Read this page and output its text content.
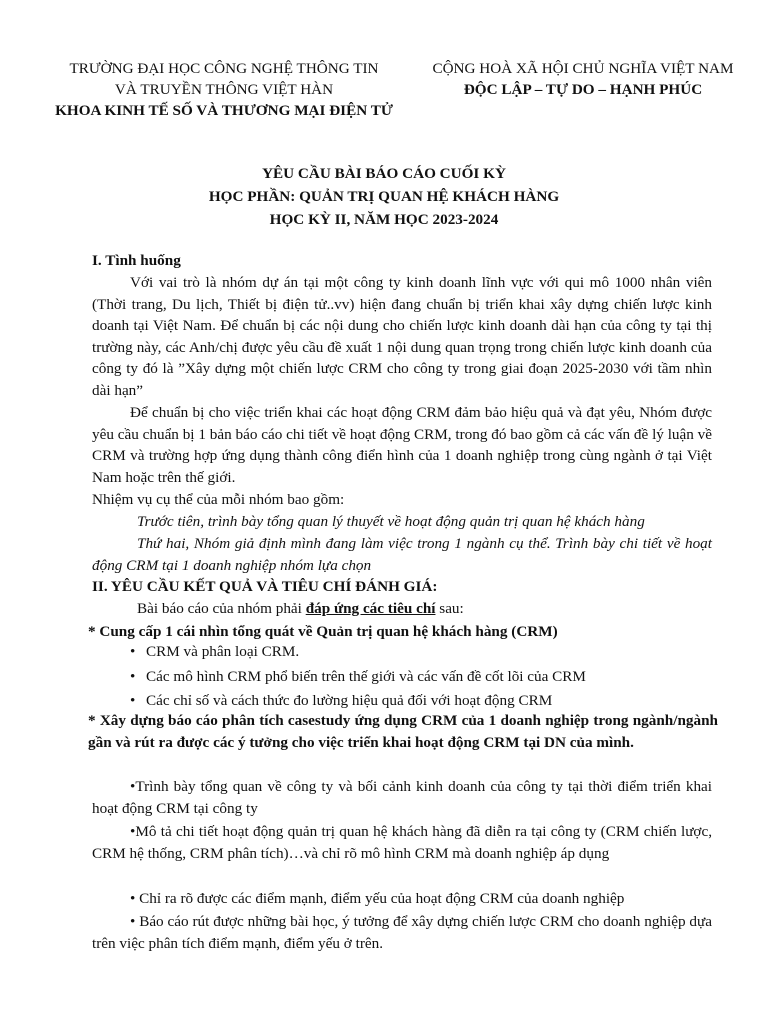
TRƯỜNG ĐẠI HỌC CÔNG NGHỆ THÔNG TIN
VÀ TRUYỀN THÔNG VIỆT HÀN
KHOA KINH TẾ SỐ VÀ THƯƠNG MẠI ĐIỆN TỬ
CỘNG HOÀ XÃ HỘI CHỦ NGHĨA VIỆT NAM
ĐỘC LẬP – TỰ DO – HẠNH PHÚC
YÊU CẦU BÀI BÁO CÁO CUỐI KỲ
HỌC PHẦN: QUẢN TRỊ QUAN HỆ KHÁCH HÀNG
HỌC KỲ II, NĂM HỌC 2023-2024

I. Tình huống

Với vai trò là nhóm dự án tại một công ty kinh doanh lĩnh vực với qui mô 1000 nhân viên (Thời trang, Du lịch, Thiết bị điện tử..vv) hiện đang chuẩn bị triển khai xây dựng chiến lược kinh doanh tại Việt Nam. Để chuẩn bị các nội dung cho chiến lược kinh doanh dài hạn của công ty tại thị trường này, các Anh/chị được yêu cầu đề xuất 1 nội dung quan trọng trong chiến lược kinh doanh của công ty đó là ”Xây dựng một chiến lược CRM cho công ty trong giai đoạn 2025-2030 với tầm nhìn dài hạn”

Để chuẩn bị cho việc triển khai các hoạt động CRM đảm bảo hiệu quả và đạt yêu, Nhóm được yêu cầu chuẩn bị 1 bản báo cáo chi tiết về hoạt động CRM, trong đó bao gồm cả các vấn đề lý luận về CRM và trường hợp ứng dụng thành công điển hình của 1 doanh nghiệp trong cùng ngành ở tại Việt Nam hoặc trên thế giới.

Nhiệm vụ cụ thể của mỗi nhóm bao gồm:

Trước tiên, trình bày tổng quan lý thuyết về hoạt động quản trị quan hệ khách hàng

Thứ hai, Nhóm giả định mình đang làm việc trong 1 ngành cụ thể. Trình bày chi tiết về hoạt động CRM tại 1 doanh nghiệp nhóm lựa chọn

II. YÊU CẦU KẾT QUẢ VÀ TIÊU CHÍ ĐÁNH GIÁ:

Bài báo cáo của nhóm phải đáp ứng các tiêu chí sau:

* Cung cấp 1 cái nhìn tổng quát về Quản trị quan hệ khách hàng (CRM)

• CRM và phân loại CRM.
• Các mô hình CRM phổ biến trên thế giới và các vấn đề cốt lõi của CRM
• Các chỉ số và cách thức đo lường hiệu quả đối với hoạt động CRM

* Xây dựng báo cáo phân tích casestudy ứng dụng CRM của 1 doanh nghiệp trong ngành/ngành gần và rút ra được các ý tưởng cho việc triển khai hoạt động CRM tại DN của mình.

•Trình bày tổng quan về công ty và bối cảnh kinh doanh của công ty tại thời điểm triển khai hoạt động CRM tại công ty

•Mô tả chi tiết hoạt động quản trị quan hệ khách hàng đã diễn ra tại công ty (CRM chiến lược, CRM hệ thống, CRM phân tích)…và chỉ rõ mô hình CRM mà doanh nghiệp áp dụng

• Chỉ ra rõ được các điểm mạnh, điểm yếu của hoạt động CRM của doanh nghiệp

• Báo cáo rút được những bài học, ý tưởng để xây dựng chiến lược CRM cho doanh nghiệp dựa trên việc phân tích điểm mạnh, điểm yếu ở trên.
